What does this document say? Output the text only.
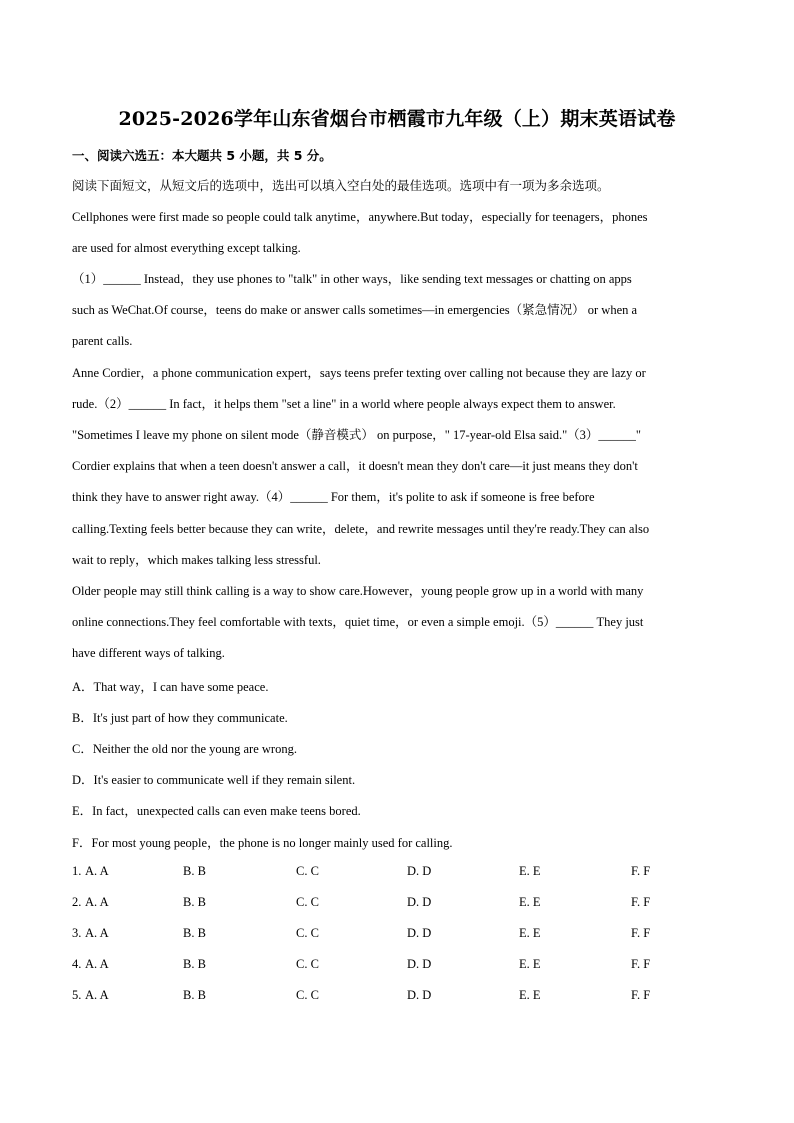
2025-2026学年山东省烟台市栖霞市九年级（上）期末英语试卷
一、阅读六选五：本大题共 5 小题，共 5 分。
阅读下面短文，从短文后的选项中，选出可以填入空白处的最佳选项。选项中有一项为多余选项。
Cellphones were first made so people could talk anytime，anywhere.But today，especially for teenagers，phones
are used for almost everything except talking.
（1）______ Instead，they use phones to "talk" in other ways，like sending text messages or chatting on apps
such as WeChat.Of course，teens do make or answer calls sometimes—in emergencies（紧急情况） or when a
parent calls.
Anne Cordier，a phone communication expert，says teens prefer texting over calling not because they are lazy or
rude.（2）______ In fact，it helps them "set a line" in a world where people always expect them to answer.
"Sometimes I leave my phone on silent mode（静音模式） on purpose，" 17-year-old Elsa said."（3）______"
Cordier explains that when a teen doesn't answer a call，it doesn't mean they don't care—it just means they don't
think they have to answer right away.（4）______ For them，it's polite to ask if someone is free before
calling.Texting feels better because they can write，delete，and rewrite messages until they're ready.They can also
wait to reply，which makes talking less stressful.
Older people may still think calling is a way to show care.However，young people grow up in a world with many
online connections.They feel comfortable with texts，quiet time，or even a simple emoji.（5）______ They just
have different ways of talking.
A．That way，I can have some peace.
B．It's just part of how they communicate.
C．Neither the old nor the young are wrong.
D．It's easier to communicate well if they remain silent.
E．In fact，unexpected calls can even make teens bored.
F．For most young people，the phone is no longer mainly used for calling.
1. A. A	B. B	C. C	D. D	E. E	F. F
2. A. A	B. B	C. C	D. D	E. E	F. F
3. A. A	B. B	C. C	D. D	E. E	F. F
4. A. A	B. B	C. C	D. D	E. E	F. F
5. A. A	B. B	C. C	D. D	E. E	F. F
